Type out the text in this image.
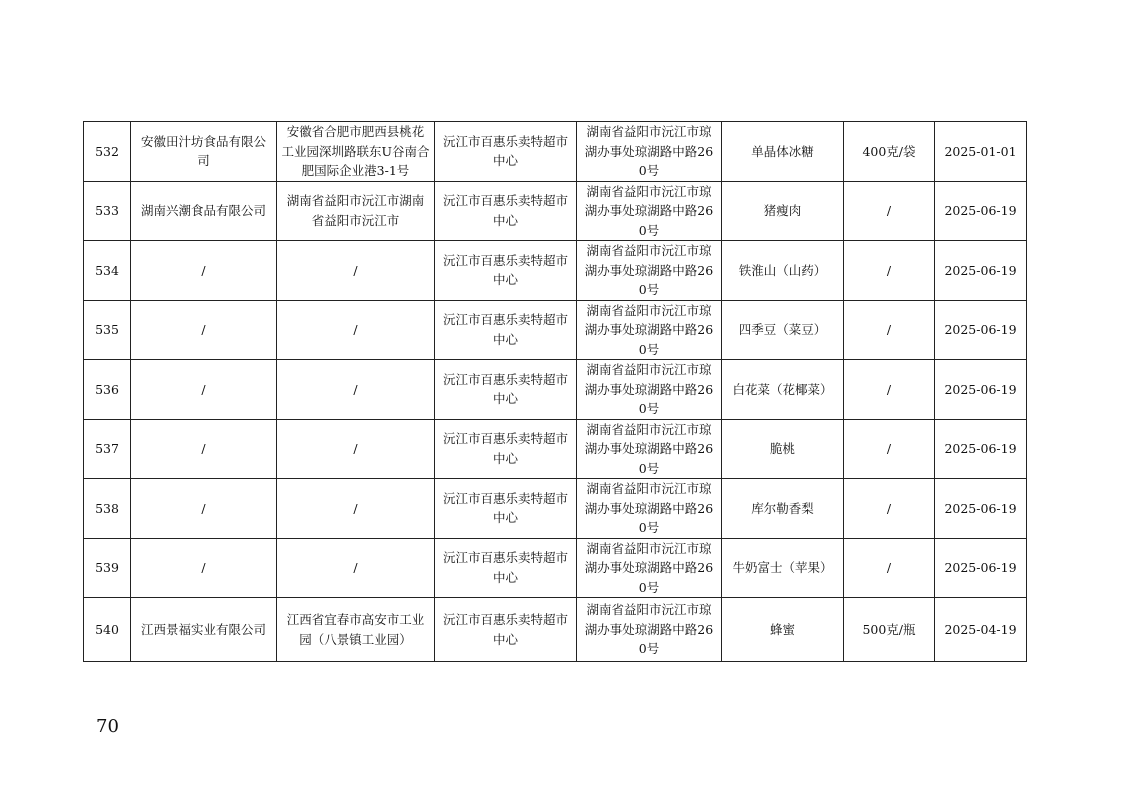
532	安徽田汁坊食品有限公司	安徽省合肥市肥西县桃花工业园深圳路联东U谷南合肥国际企业港3-1号	沅江市百惠乐卖特超市中心	湖南省益阳市沅江市琼湖办事处琼湖路中路260号	单晶体冰糖	400克/袋	2025-01-01
533	湖南兴潮食品有限公司	湖南省益阳市沅江市湖南省益阳市沅江市	沅江市百惠乐卖特超市中心	湖南省益阳市沅江市琼湖办事处琼湖路中路260号	猪瘦肉	/	2025-06-19
534	/	/	沅江市百惠乐卖特超市中心	湖南省益阳市沅江市琼湖办事处琼湖路中路260号	铁淮山（山药）	/	2025-06-19
535	/	/	沅江市百惠乐卖特超市中心	湖南省益阳市沅江市琼湖办事处琼湖路中路260号	四季豆（菜豆）	/	2025-06-19
536	/	/	沅江市百惠乐卖特超市中心	湖南省益阳市沅江市琼湖办事处琼湖路中路260号	白花菜（花椰菜）	/	2025-06-19
537	/	/	沅江市百惠乐卖特超市中心	湖南省益阳市沅江市琼湖办事处琼湖路中路260号	脆桃	/	2025-06-19
538	/	/	沅江市百惠乐卖特超市中心	湖南省益阳市沅江市琼湖办事处琼湖路中路260号	库尔勒香梨	/	2025-06-19
539	/	/	沅江市百惠乐卖特超市中心	湖南省益阳市沅江市琼湖办事处琼湖路中路260号	牛奶富士（苹果）	/	2025-06-19
540	江西景福实业有限公司	江西省宜春市高安市工业园（八景镇工业园）	沅江市百惠乐卖特超市中心	湖南省益阳市沅江市琼湖办事处琼湖路中路260号	蜂蜜	500克/瓶	2025-04-19
70
